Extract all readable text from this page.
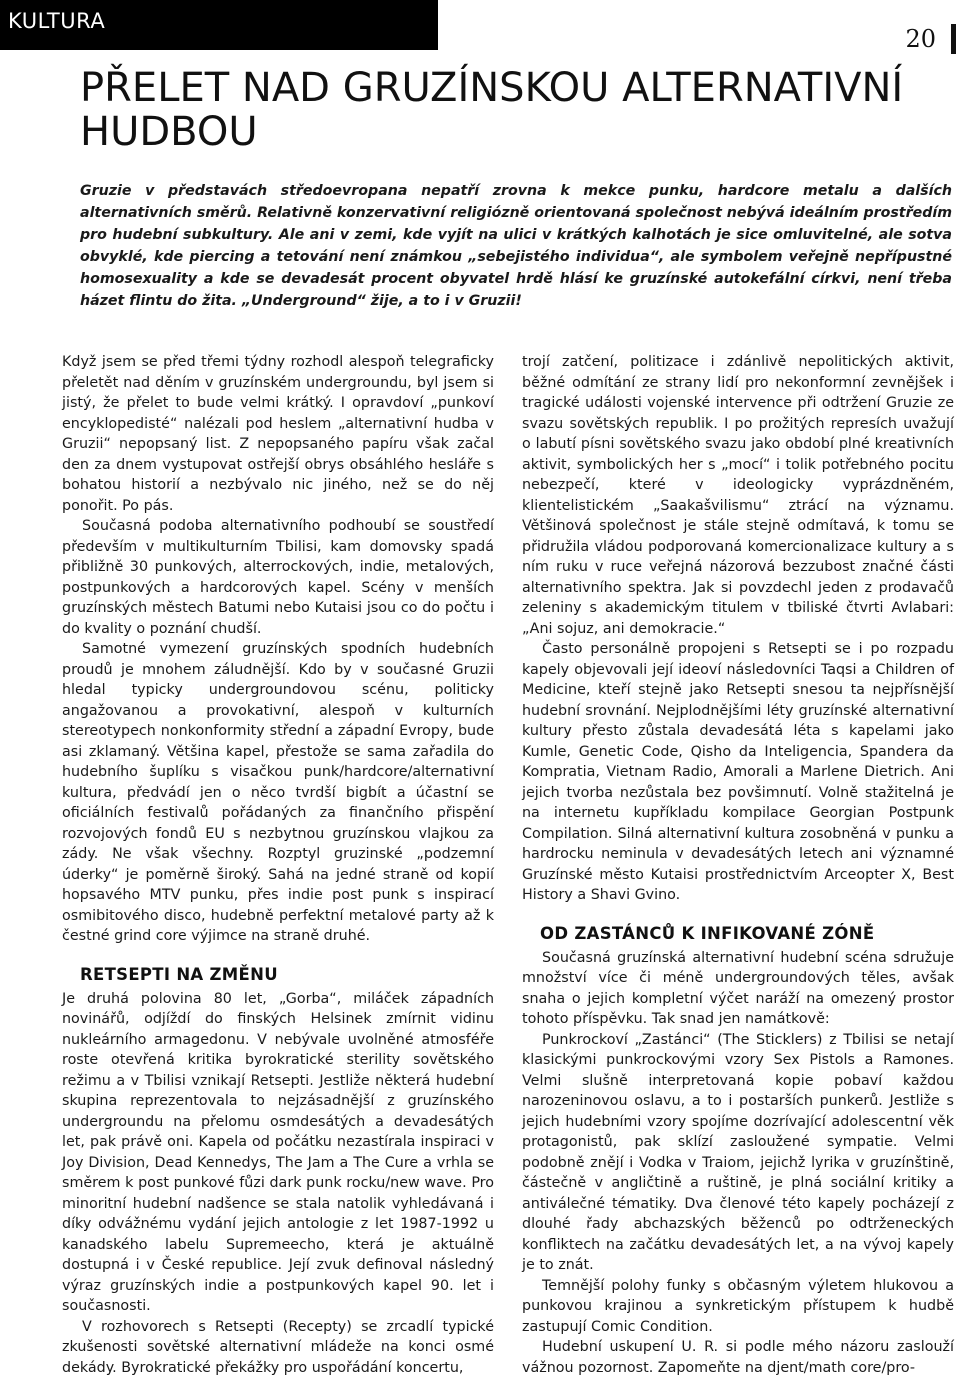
KULTURA
20
PŘELET NAD GRUZÍNSKOU ALTERNATIVNÍ HUDBOU

Gruzie v představách středoevropana nepatří zrovna k mekce punku, hardcore metalu a dalších alternativních směrů. Relativně konzervativní religiózně orientovaná společnost nebývá ideálním prostředím pro hudební subkultury. Ale ani v zemi, kde vyjít na ulici v krátkých kalhotách je sice omluvitelné, ale sotva obvyklé, kde piercing a tetování není známkou „sebejistého individua“, ale symbolem veřejně nepřípustné homosexuality a kde se devadesát procent obyvatel hrdě hlásí ke gruzínské autokefální církvi, není třeba házet flintu do žita. „Underground“ žije, a to i v Gruzii!

Když jsem se před třemi týdny rozhodl alespoň telegraficky přeletět nad děním v gruzínském undergroundu, byl jsem si jistý, že přelet to bude velmi krátký. I opravdoví „punkoví encyklopedisté“ nalézali pod heslem „alternativní hudba v Gruzii“ nepopsaný list. Z nepopsaného papíru však začal den za dnem vystupovat ostřejší obrys obsáhlého hesláře s bohatou historií a nezbývalo nic jiného, než se do něj ponořit. Po pás.

Současná podoba alternativního podhoubí se soustředí především v multikulturním Tbilisi, kam domovsky spadá přibližně 30 punkových, alterrockových, indie, metalových, postpunkových a hardcorových kapel. Scény v menších gruzínských městech Batumi nebo Kutaisi jsou co do počtu i do kvality o poznání chudší.

Samotné vymezení gruzínských spodních hudebních proudů je mnohem záludnější. Kdo by v současné Gruzii hledal typicky undergroundovou scénu, politicky angažovanou a provokativní, alespoň v kulturních stereotypech nonkonformity střední a západní Evropy, bude asi zklamaný. Většina kapel, přestože se sama zařadila do hudebního šuplíku s visačkou punk/hardcore/alternativní kultura, předvádí jen o něco tvrdší bigbít a účastní se oficiálních festivalů pořádaných za finančního přispění rozvojových fondů EU s nezbytnou gruzínskou vlajkou za zády. Ne však všechny. Rozptyl gruzinské „podzemní úderky“ je poměrně široký. Sahá na jedné straně od kopií hopsavého MTV punku, přes indie post punk s inspirací osmibitového disco, hudebně perfektní metalové party až k čestné grind core výjimce na straně druhé.

RETSEPTI NA ZMĚNU

Je druhá polovina 80 let, „Gorba“, miláček západních novinářů, odjíždí do finských Helsinek zmírnit vidinu nukleárního armagedonu. V nebývale uvolněné atmosféře roste otevřená kritika byrokratické sterility sovětského režimu a v Tbilisi vznikají Retsepti. Jestliže některá hudební skupina reprezentovala to nejzásadnější z gruzínského undergroundu na přelomu osmdesátých a devadesátých let, pak právě oni. Kapela od počátku nezastírala inspiraci v Joy Division, Dead Kennedys, The Jam a The Cure a vrhla se směrem k post punkové fůzi dark punk rocku/new wave. Pro minoritní hudební nadšence se stala natolik vyhledávaná i díky odvážnému vydání jejich antologie z let 1987-1992 u kanadského labelu Supremeecho, která je aktuálně dostupná i v České republice. Její zvuk definoval následný výraz gruzínských indie a postpunkových kapel 90. let i současnosti.

V rozhovorech s Retsepti (Recepty) se zrcadlí typické zkušenosti sovětské alternativní mládeže na konci osmé dekády. Byrokratické překážky pro uspořádání koncertu,

trojí zatčení, politizace i zdánlivě nepolitických aktivit, běžné odmítání ze strany lidí pro nekonformní zevnějšek i tragické události vojenské intervence při odtržení Gruzie ze svazu sovětských republik. I po prožitých represích uvažují o labutí písni sovětského svazu jako období plné kreativních aktivit, symbolických her s „mocí“ i tolik potřebného pocitu nebezpečí, které v ideologicky vyprázdněném, klientelistickém „Saakašvilismu“ ztrácí na významu. Většinová společnost je stále stejně odmítavá, k tomu se přidružila vládou podporovaná komercionalizace kultury a s ním ruku v ruce veřejná názorová bezzubost značné části alternativního spektra. Jak si povzdechl jeden z prodavačů zeleniny s akademickým titulem v tbiliské čtvrti Avlabari: „Ani sojuz, ani demokracie.“

Často personálně propojeni s Retsepti se i po rozpadu kapely objevovali její ideoví následovníci Taqsi a Children of Medicine, kteří stejně jako Retsepti snesou ta nejpřísnější hudební srovnání. Nejplodnějšími léty gruzínské alternativní kultury přesto zůstala devadesátá léta s kapelami jako Kumle, Genetic Code, Qisho da Inteligencia, Spandera da Kompratia, Vietnam Radio, Amorali a Marlene Dietrich. Ani jejich tvorba nezůstala bez povšimnutí. Volně stažitelná je na internetu kupříkladu kompilace Georgian Postpunk Compilation. Silná alternativní kultura zosobněná v punku a hardrocku neminula v devadesátých letech ani významné Gruzínské město Kutaisi prostřednictvím Arceopter X, Best History a Shavi Gvino.

OD ZASTÁNCŮ K INFIKOVANÉ ZÓNĚ

Současná gruzínská alternativní hudební scéna sdružuje množství více či méně undergroundových těles, avšak snaha o jejich kompletní výčet naráží na omezený prostor tohoto příspěvku. Tak snad jen namátkově:

Punkrockoví „Zastánci“ (The Sticklers) z Tbilisi se netají klasickými punkrockovými vzory Sex Pistols a Ramones. Velmi slušně interpretovaná kopie pobaví každou narozeninovou oslavu, a to i postarších punkerů. Jestliže s jejich hudebními vzory spojíme dozrívající adolescentní věk protagonistů, pak sklízí zasloužené sympatie. Velmi podobně znějí i Vodka v Traiom, jejichž lyrika v gruzínštině, částečně v angličtině a ruštině, je plná sociální kritiky a antiválečné tématiky. Dva členové této kapely pocházejí z dlouhé řady abchazských běženců po odtrženeckých konfliktech na začátku devadesátých let, a na vývoj kapely je to znát.

Temnější polohy funky s občasným výletem hlukovou a punkovou krajinou a synkretickým přístupem k hudbě zastupují Comic Condition.

Hudební uskupení U. R. si podle mého názoru zaslouží vážnou pozornost. Zapomeňte na djent/math core/pro-
